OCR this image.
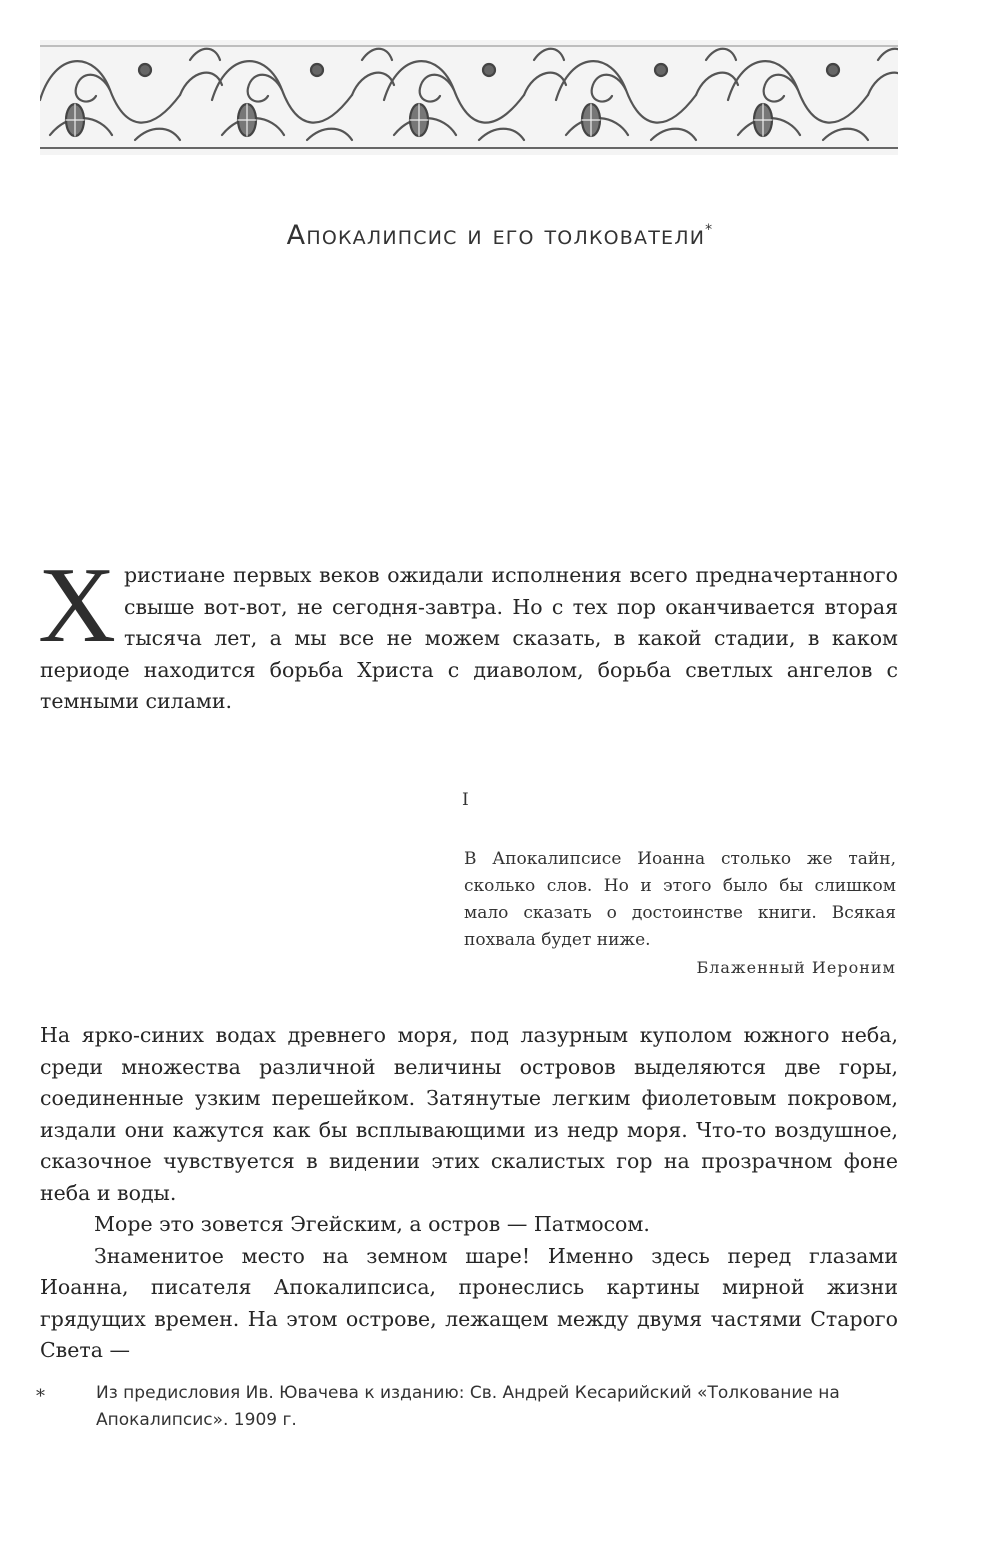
Апокалипсис и его толкователи*
Христиане первых веков ожидали исполнения всего предначертанного свыше вот-вот, не сегодня-завтра. Но с тех пор оканчивается вторая тысяча лет, а мы все не можем сказать, в какой стадии, в каком периоде находится борьба Христа с диаволом, борьба светлых ангелов с темными силами.
I
В Апокалипсисе Иоанна столько же тайн, сколько слов. Но и этого было бы слишком мало сказать о достоинстве книги. Всякая похвала будет ниже.
Блаженный Иероним

На ярко-синих водах древнего моря, под лазурным куполом южного неба, среди множества различной величины островов выделяются две горы, соединенные узким перешейком. Затянутые легким фиолетовым покровом, издали они кажутся как бы всплывающими из недр моря. Что-то воздушное, сказочное чувствуется в видении этих скалистых гор на прозрачном фоне неба и воды.

Море это зовется Эгейским, а остров — Патмосом.

Знаменитое место на земном шаре! Именно здесь перед глазами Иоанна, писателя Апокалипсиса, пронеслись картины мирной жизни грядущих времен. На этом острове, лежащем между двумя частями Старого Света —

*	Из предисловия Ив. Ювачева к изданию: Св. Андрей Кесарийский «Толкование на
Апокалипсис». 1909 г.
